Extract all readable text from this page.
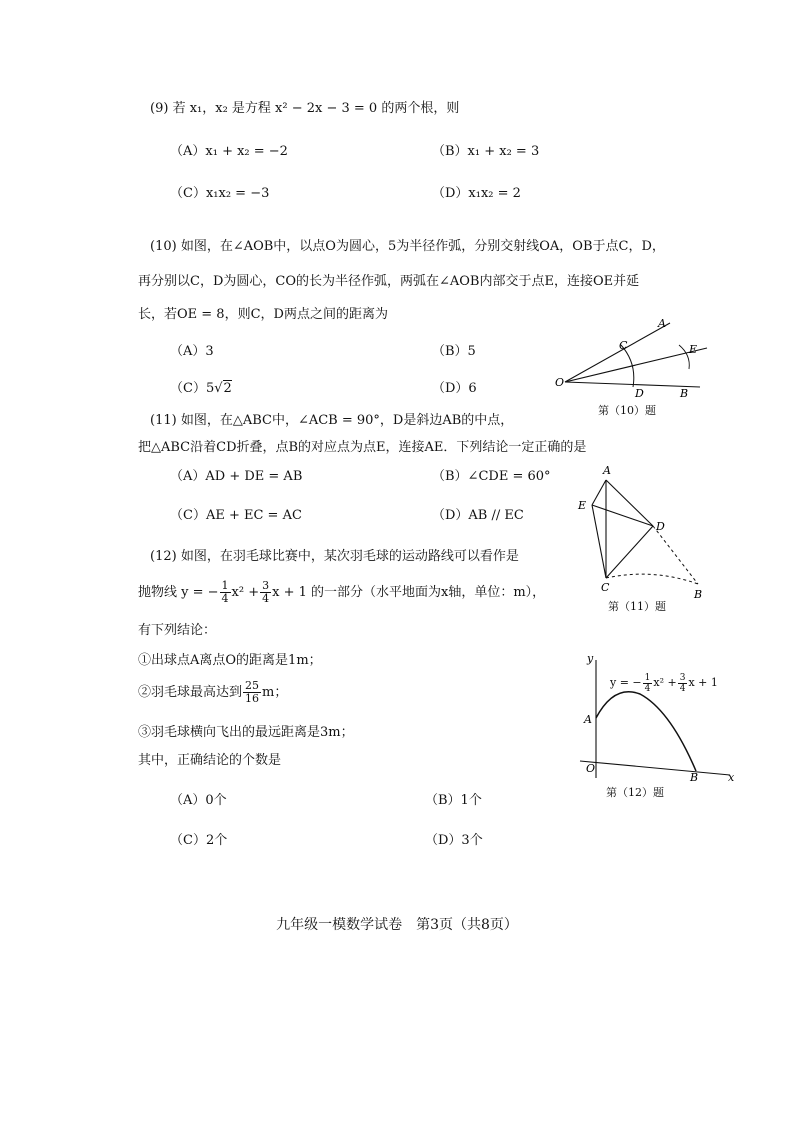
(9) 若 x₁，x₂ 是方程 x² − 2x − 3 = 0 的两个根，则
（A）x₁ + x₂ = −2	（B）x₁ + x₂ = 3
（C）x₁x₂ = −3	（D）x₁x₂ = 2
(10) 如图，在∠AOB中，以点O为圆心，5为半径作弧，分别交射线OA，OB于点C，D，
再分别以C，D为圆心，CO的长为半径作弧，两弧在∠AOB内部交于点E，连接OE并延
长，若OE = 8，则C，D两点之间的距离为
（A）3	（B）5
（C）5√2	（D）6	O
A
C	E
D	B
第（10）题
(11) 如图，在△ABC中，∠ACB = 90°，D是斜边AB的中点，
把△ABC沿着CD折叠，点B的对应点为点E，连接AE．下列结论一定正确的是
（A）AD + DE = AB	（B）∠CDE = 60°
（C）AE + EC = AC	（D）AB // EC
A
E
D
C
B
第（11）题
(12) 如图，在羽毛球比赛中，某次羽毛球的运动路线可以看作是
抛物线 y = − $\frac{1}{4} x^2 + \frac{3}{4}$ x + 1 的一部分（水平地面为x轴，单位：m），
有下列结论：
①出球点A离点O的距离是1m；
②羽毛球最高达到 $\frac{25}{16}$ m；
③羽毛球横向飞出的最远距离是3m；
其中，正确结论的个数是
（A）0个	（B）1个
（C）2个	（D）3个
y
A
O
B	x
y = − $\frac{1}{4} x^2 + \frac{3}{4}$ x + 1
第（12）题
九年级一模数学试卷　第3页（共8页）
